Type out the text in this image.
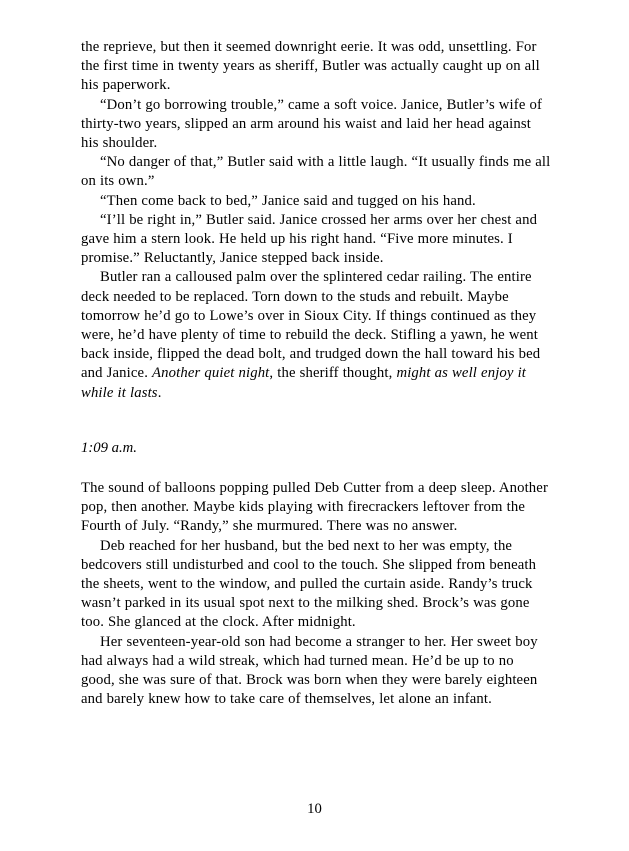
the reprieve, but then it seemed downright eerie. It was odd, unsettling. For the first time in twenty years as sheriff, Butler was actually caught up on all his paperwork.

“Don’t go borrowing trouble,” came a soft voice. Janice, Butler’s wife of thirty-two years, slipped an arm around his waist and laid her head against his shoulder.

“No danger of that,” Butler said with a little laugh. “It usually finds me all on its own.”

“Then come back to bed,” Janice said and tugged on his hand.

“I’ll be right in,” Butler said. Janice crossed her arms over her chest and gave him a stern look. He held up his right hand. “Five more minutes. I promise.” Reluctantly, Janice stepped back inside.

Butler ran a calloused palm over the splintered cedar railing. The entire deck needed to be replaced. Torn down to the studs and rebuilt. Maybe tomorrow he’d go to Lowe’s over in Sioux City. If things continued as they were, he’d have plenty of time to rebuild the deck. Stifling a yawn, he went back inside, flipped the dead bolt, and trudged down the hall toward his bed and Janice. Another quiet night, the sheriff thought, might as well enjoy it while it lasts.

1:09 a.m.

The sound of balloons popping pulled Deb Cutter from a deep sleep. Another pop, then another. Maybe kids playing with firecrackers leftover from the Fourth of July. “Randy,” she murmured. There was no answer.

Deb reached for her husband, but the bed next to her was empty, the bedcovers still undisturbed and cool to the touch. She slipped from beneath the sheets, went to the window, and pulled the curtain aside. Randy’s truck wasn’t parked in its usual spot next to the milking shed. Brock’s was gone too. She glanced at the clock. After midnight.

Her seventeen-year-old son had become a stranger to her. Her sweet boy had always had a wild streak, which had turned mean. He’d be up to no good, she was sure of that. Brock was born when they were barely eighteen and barely knew how to take care of themselves, let alone an infant.

10
